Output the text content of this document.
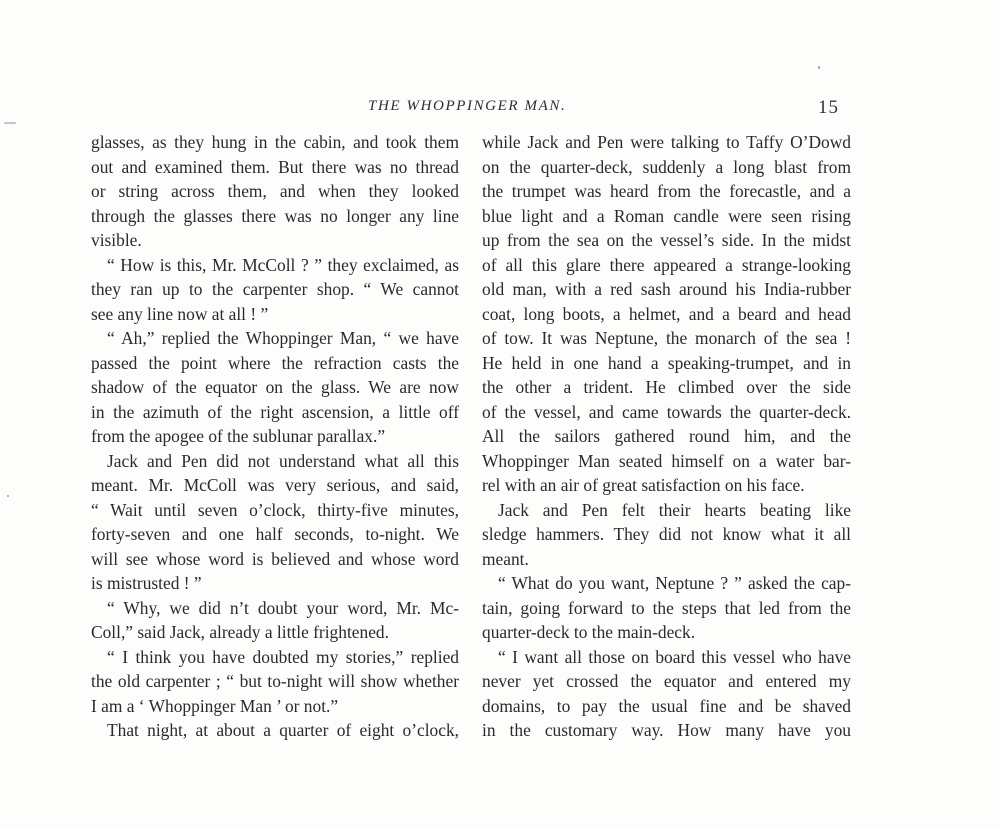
THE WHOPPINGER MAN.	15
glasses, as they hung in the cabin, and took them
out and examined them. But there was no thread
or string across them, and when they looked
through the glasses there was no longer any line
visible.
“ How is this, Mr. McColl ? ” they exclaimed, as
they ran up to the carpenter shop. “ We cannot
see any line now at all ! ”
“ Ah,” replied the Whoppinger Man, “ we have
passed the point where the refraction casts the
shadow of the equator on the glass. We are now
in the azimuth of the right ascension, a little off
from the apogee of the sublunar parallax.”
Jack and Pen did not understand what all this
meant. Mr. McColl was very serious, and said,
“ Wait until seven o’clock, thirty-five minutes,
forty-seven and one half seconds, to-night. We
will see whose word is believed and whose word
is mistrusted ! ”
“ Why, we did n’t doubt your word, Mr. Mc-
Coll,” said Jack, already a little frightened.
“ I think you have doubted my stories,” replied
the old carpenter ; “ but to-night will show whether
I am a ‘ Whoppinger Man ’ or not.”
That night, at about a quarter of eight o’clock,
while Jack and Pen were talking to Taffy O’Dowd
on the quarter-deck, suddenly a long blast from
the trumpet was heard from the forecastle, and a
blue light and a Roman candle were seen rising
up from the sea on the vessel’s side. In the midst
of all this glare there appeared a strange-looking
old man, with a red sash around his India-rubber
coat, long boots, a helmet, and a beard and head
of tow. It was Neptune, the monarch of the sea !
He held in one hand a speaking-trumpet, and in
the other a trident. He climbed over the side
of the vessel, and came towards the quarter-deck.
All the sailors gathered round him, and the
Whoppinger Man seated himself on a water bar-
rel with an air of great satisfaction on his face.
Jack and Pen felt their hearts beating like
sledge hammers. They did not know what it all
meant.
“ What do you want, Neptune ? ” asked the cap-
tain, going forward to the steps that led from the
quarter-deck to the main-deck.
“ I want all those on board this vessel who have
never yet crossed the equator and entered my
domains, to pay the usual fine and be shaved
in the customary way. How many have you
